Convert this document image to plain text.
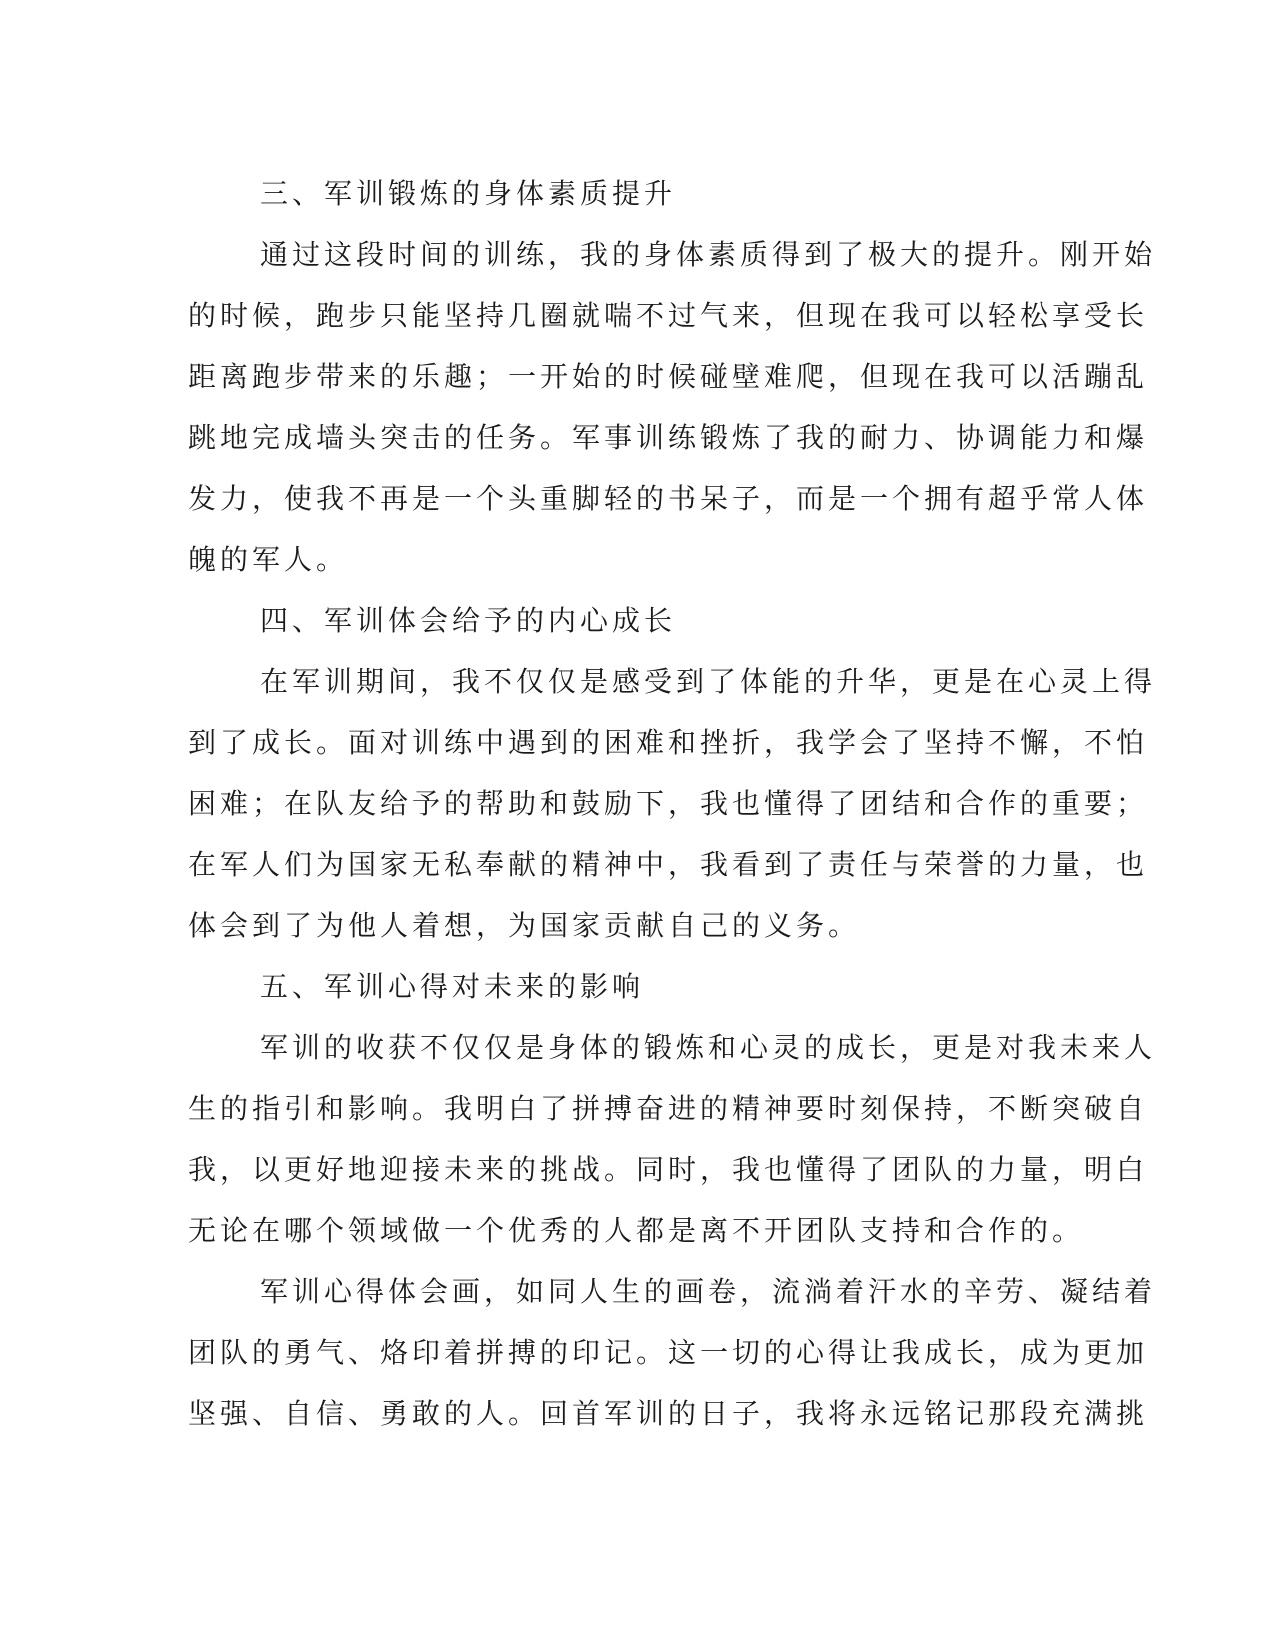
三、军训锻炼的身体素质提升

通过这段时间的训练，我的身体素质得到了极大的提升。刚开始

的时候，跑步只能坚持几圈就喘不过气来，但现在我可以轻松享受长

距离跑步带来的乐趣；一开始的时候碰壁难爬，但现在我可以活蹦乱

跳地完成墙头突击的任务。军事训练锻炼了我的耐力、协调能力和爆

发力，使我不再是一个头重脚轻的书呆子，而是一个拥有超乎常人体

魄的军人。

四、军训体会给予的内心成长

在军训期间，我不仅仅是感受到了体能的升华，更是在心灵上得

到了成长。面对训练中遇到的困难和挫折，我学会了坚持不懈，不怕

困难；在队友给予的帮助和鼓励下，我也懂得了团结和合作的重要；

在军人们为国家无私奉献的精神中，我看到了责任与荣誉的力量，也

体会到了为他人着想，为国家贡献自己的义务。

五、军训心得对未来的影响

军训的收获不仅仅是身体的锻炼和心灵的成长，更是对我未来人

生的指引和影响。我明白了拼搏奋进的精神要时刻保持，不断突破自

我，以更好地迎接未来的挑战。同时，我也懂得了团队的力量，明白

无论在哪个领域做一个优秀的人都是离不开团队支持和合作的。

军训心得体会画，如同人生的画卷，流淌着汗水的辛劳、凝结着

团队的勇气、烙印着拼搏的印记。这一切的心得让我成长，成为更加

坚强、自信、勇敢的人。回首军训的日子，我将永远铭记那段充满挑
